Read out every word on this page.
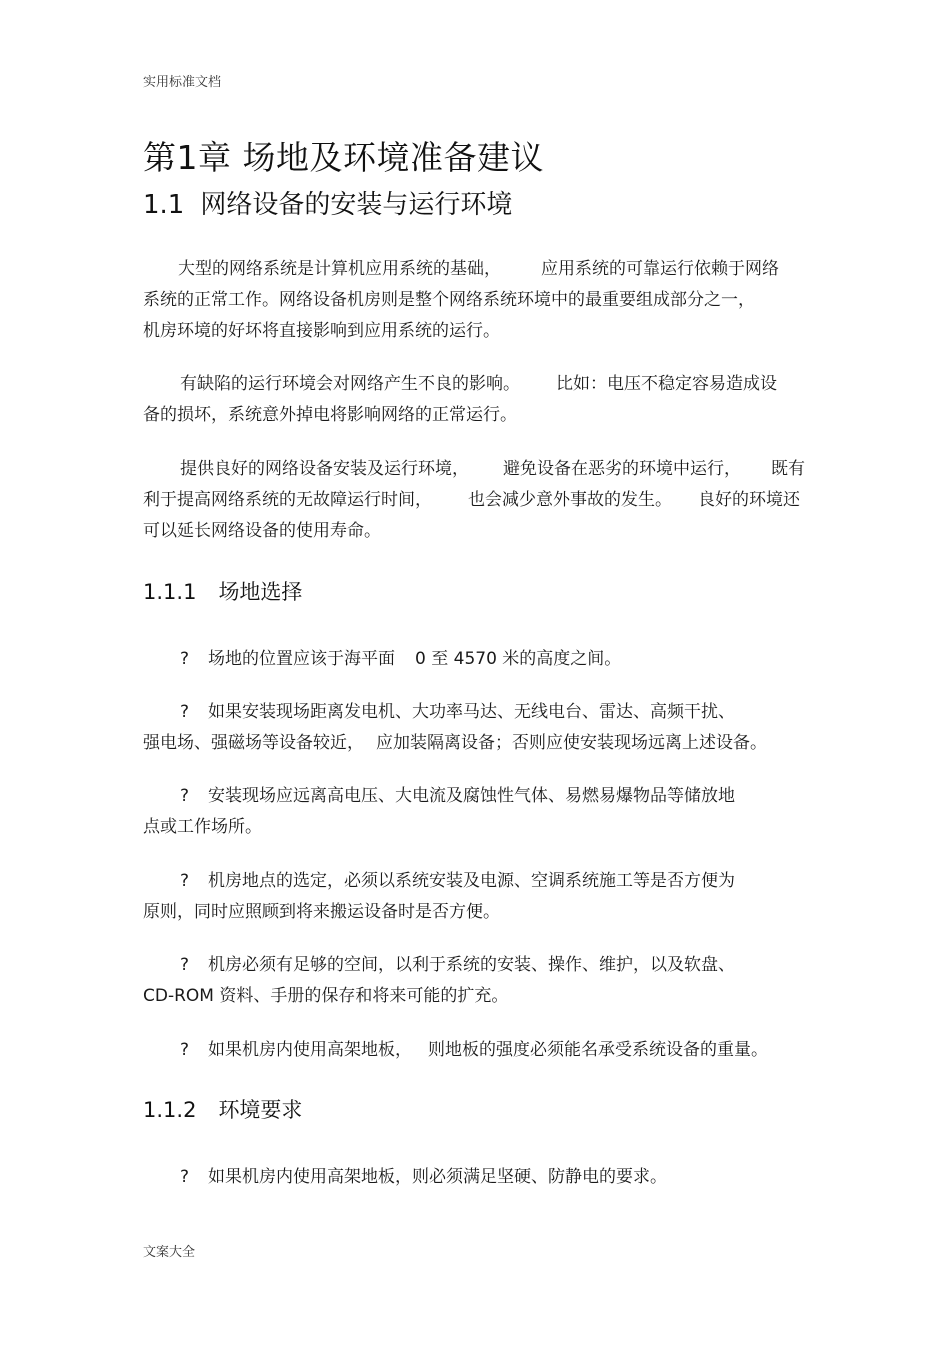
实用标准文档
第1章 场地及环境准备建议
1.1 网络设备的安装与运行环境
大型的网络系统是计算机应用系统的基础， 应用系统的可靠运行依赖于网络
系统的正常工作。网络设备机房则是整个网络系统环境中的最重要组成部分之一，
机房环境的好坏将直接影响到应用系统的运行。
有缺陷的运行环境会对网络产生不良的影响。 比如：电压不稳定容易造成设
备的损坏，系统意外掉电将影响网络的正常运行。
提供良好的网络设备安装及运行环境， 避免设备在恶劣的环境中运行， 既有
利于提高网络系统的无故障运行时间， 也会减少意外事故的发生。 良好的环境还
可以延长网络设备的使用寿命。
1.1.1 场地选择
? 场地的位置应该于海平面 0 至 4570 米的高度之间。
? 如果安装现场距离发电机、大功率马达、无线电台、雷达、高频干扰、
强电场、强磁场等设备较近， 应加装隔离设备；否则应使安装现场远离上述设备。
? 安装现场应远离高电压、大电流及腐蚀性气体、易燃易爆物品等储放地
点或工作场所。
? 机房地点的选定，必须以系统安装及电源、空调系统施工等是否方便为
原则，同时应照顾到将来搬运设备时是否方便。
? 机房必须有足够的空间，以利于系统的安装、操作、维护，以及软盘、
CD-ROM 资料、手册的保存和将来可能的扩充。
? 如果机房内使用高架地板， 则地板的强度必须能名承受系统设备的重量。
1.1.2 环境要求
? 如果机房内使用高架地板，则必须满足坚硬、防静电的要求。
文案大全
